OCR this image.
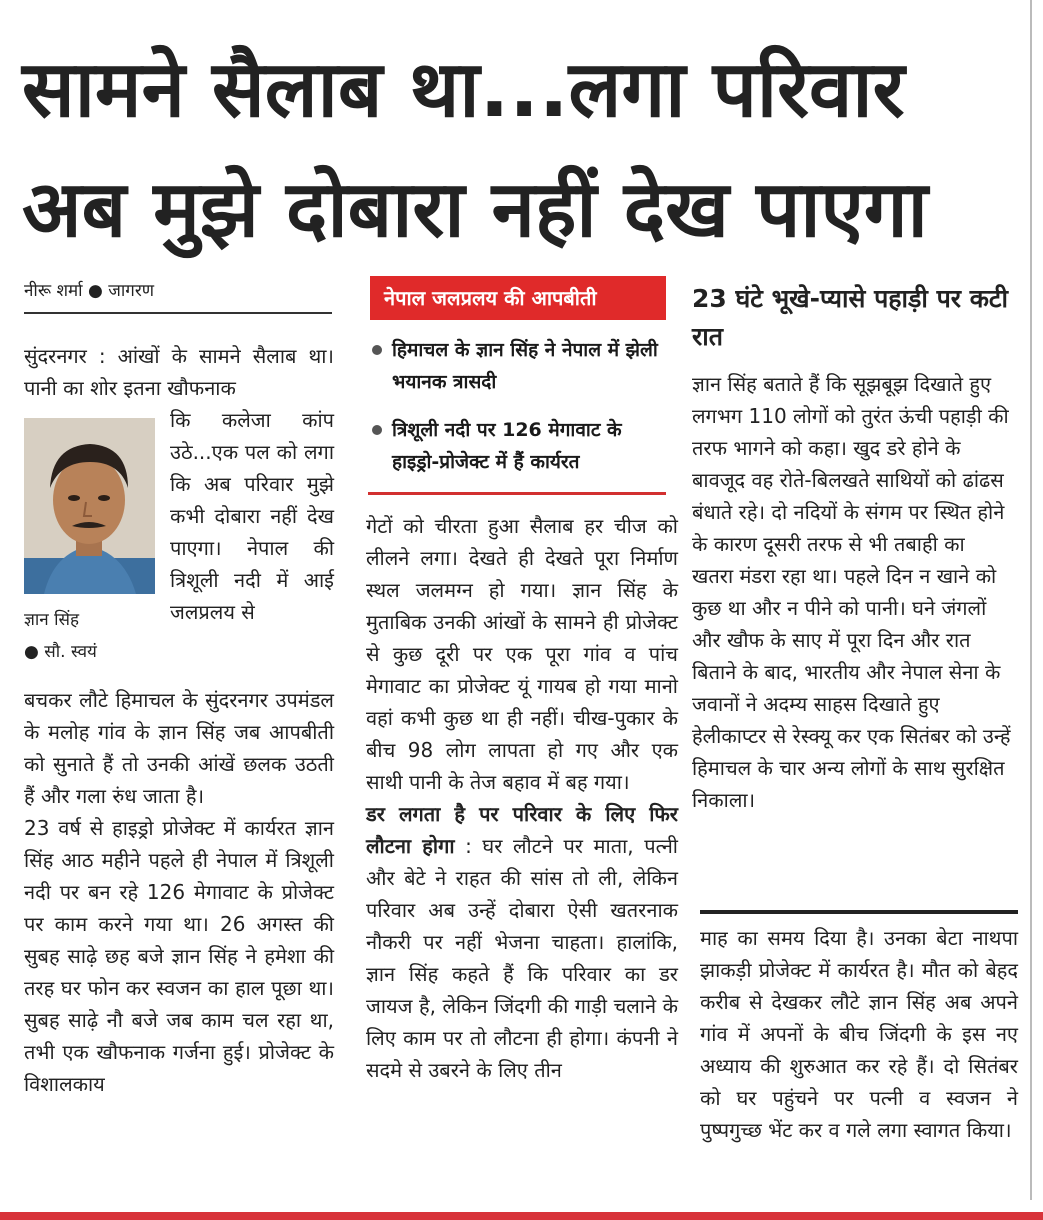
सामने सैलाब था...लगा परिवार
अब मुझे दोबारा नहीं देख पाएगा
नीरू शर्मा ● जागरण

सुंदरनगर : आंखों के सामने सैलाब था। पानी का शोर इतना खौफनाक

ज्ञान सिंह
● सौ. स्वयं

कि कलेजा कांप उठे...एक पल को लगा कि अब परिवार मुझे कभी दोबारा नहीं देख पाएगा। नेपाल की त्रिशूली नदी में आई जलप्रलय से

बचकर लौटे हिमाचल के सुंदरनगर उपमंडल के मलोह गांव के ज्ञान सिंह जब आपबीती को सुनाते हैं तो उनकी आंखें छलक उठती हैं और गला रुंध जाता है।

23 वर्ष से हाइड्रो प्रोजेक्ट में कार्यरत ज्ञान सिंह आठ महीने पहले ही नेपाल में त्रिशूली नदी पर बन रहे 126 मेगावाट के प्रोजेक्ट पर काम करने गया था। 26 अगस्त की सुबह साढ़े छह बजे ज्ञान सिंह ने हमेशा की तरह घर फोन कर स्वजन का हाल पूछा था। सुबह साढ़े नौ बजे जब काम चल रहा था, तभी एक खौफनाक गर्जना हुई। प्रोजेक्ट के विशालकाय

नेपाल जलप्रलय की आपबीती
हिमाचल के ज्ञान सिंह ने नेपाल में झेली भयानक त्रासदी
त्रिशूली नदी पर 126 मेगावाट के हाइड्रो-प्रोजेक्ट में हैं कार्यरत

गेटों को चीरता हुआ सैलाब हर चीज को लीलने लगा। देखते ही देखते पूरा निर्माण स्थल जलमग्न हो गया। ज्ञान सिंह के मुताबिक उनकी आंखों के सामने ही प्रोजेक्ट से कुछ दूरी पर एक पूरा गांव व पांच मेगावाट का प्रोजेक्ट यूं गायब हो गया मानो वहां कभी कुछ था ही नहीं। चीख-पुकार के बीच 98 लोग लापता हो गए और एक साथी पानी के तेज बहाव में बह गया।

डर लगता है पर परिवार के लिए फिर लौटना होगा : घर लौटने पर माता, पत्नी और बेटे ने राहत की सांस तो ली, लेकिन परिवार अब उन्हें दोबारा ऐसी खतरनाक नौकरी पर नहीं भेजना चाहता। हालांकि, ज्ञान सिंह कहते हैं कि परिवार का डर जायज है, लेकिन जिंदगी की गाड़ी चलाने के लिए काम पर तो लौटना ही होगा। कंपनी ने सदमे से उबरने के लिए तीन

23 घंटे भूखे-प्यासे पहाड़ी पर कटी रात

ज्ञान सिंह बताते हैं कि सूझबूझ दिखाते हुए लगभग 110 लोगों को तुरंत ऊंची पहाड़ी की तरफ भागने को कहा। खुद डरे होने के बावजूद वह रोते-बिलखते साथियों को ढांढस बंधाते रहे। दो नदियों के संगम पर स्थित होने के कारण दूसरी तरफ से भी तबाही का खतरा मंडरा रहा था। पहले दिन न खाने को कुछ था और न पीने को पानी। घने जंगलों और खौफ के साए में पूरा दिन और रात बिताने के बाद, भारतीय और नेपाल सेना के जवानों ने अदम्य साहस दिखाते हुए हेलीकाप्टर से रेस्क्यू कर एक सितंबर को उन्हें हिमाचल के चार अन्य लोगों के साथ सुरक्षित निकाला।

माह का समय दिया है। उनका बेटा नाथपा झाकड़ी प्रोजेक्ट में कार्यरत है। मौत को बेहद करीब से देखकर लौटे ज्ञान सिंह अब अपने गांव में अपनों के बीच जिंदगी के इस नए अध्याय की शुरुआत कर रहे हैं। दो सितंबर को घर पहुंचने पर पत्नी व स्वजन ने पुष्पगुच्छ भेंट कर व गले लगा स्वागत किया।
